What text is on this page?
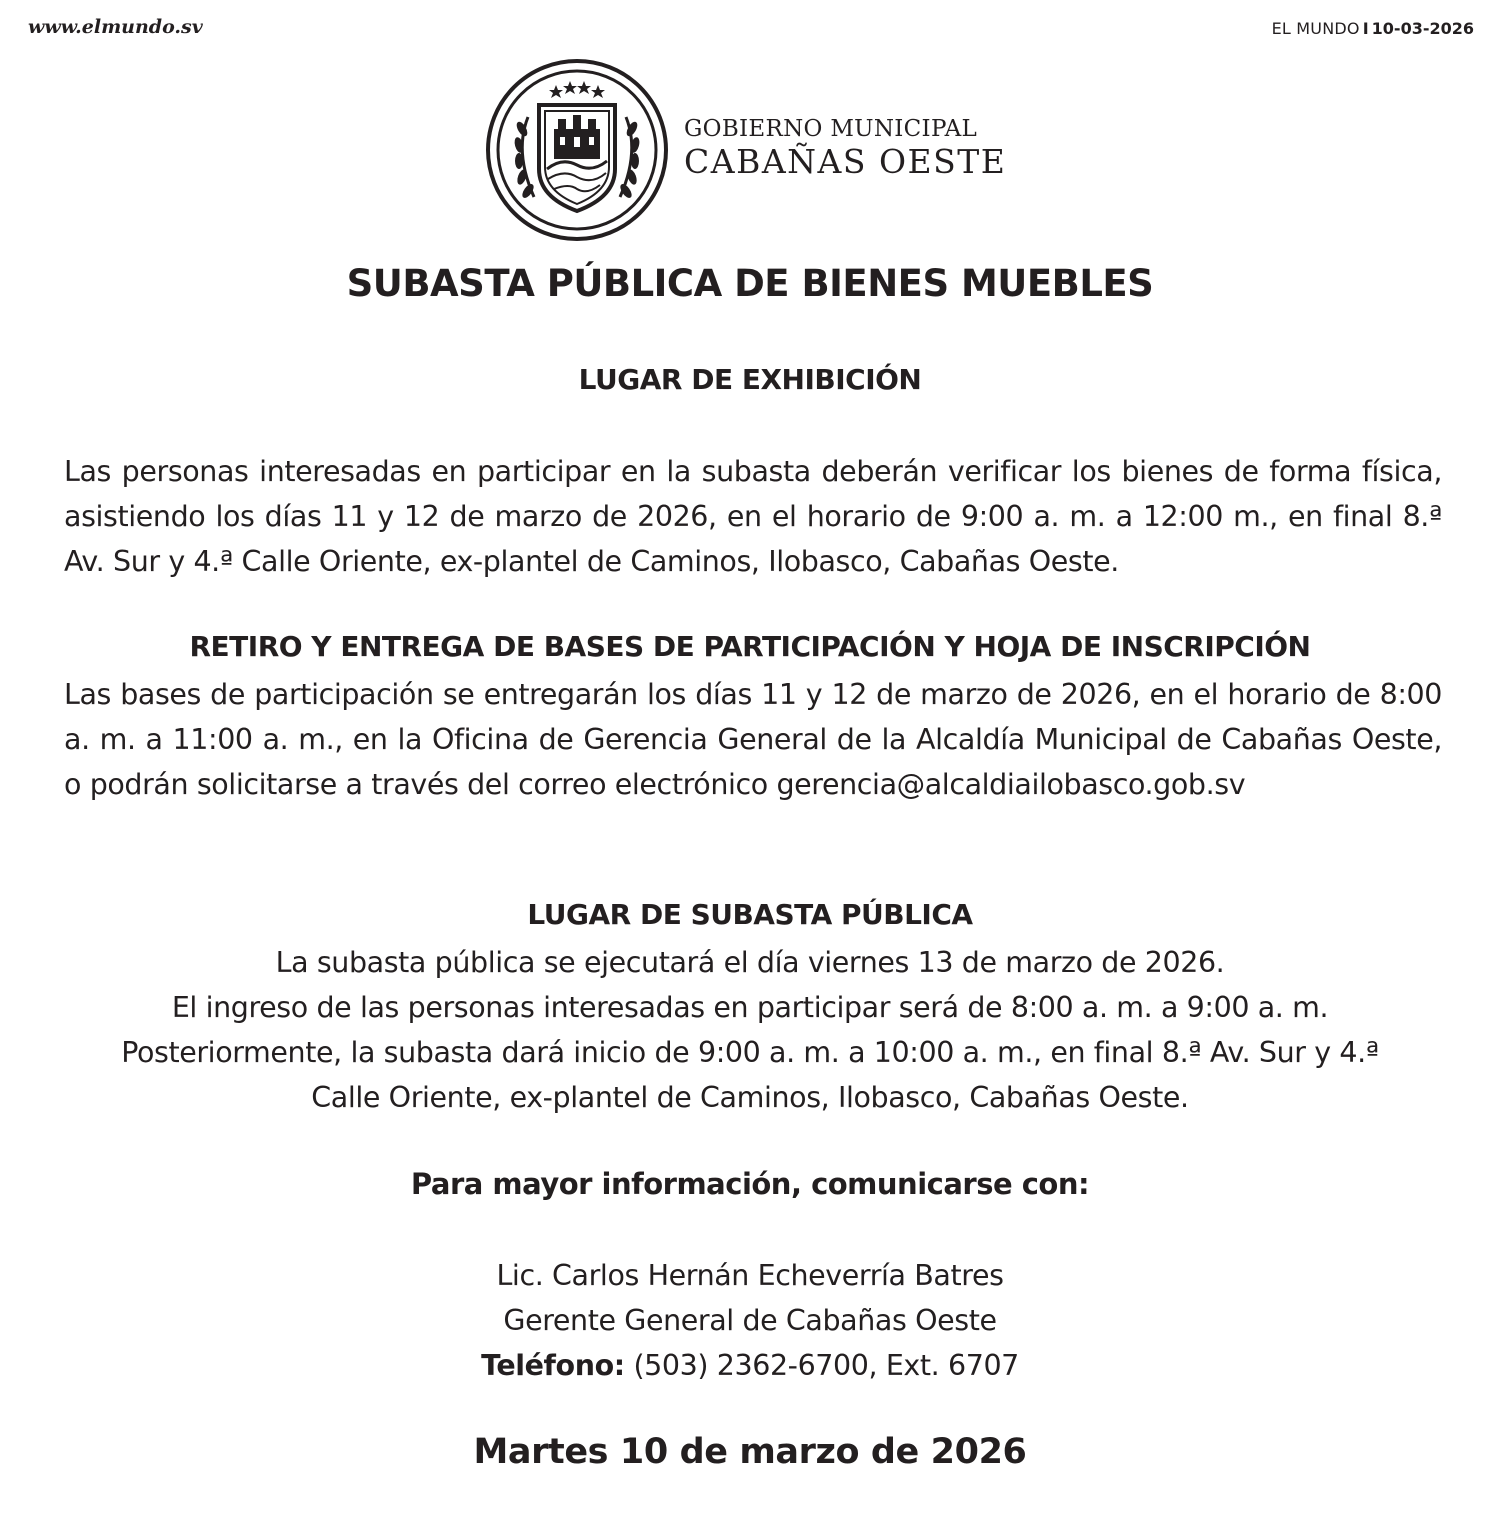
www.elmundo.sv	EL MUNDO I 10-03-2026
GOBIERNO MUNICIPAL
CABAÑAS OESTE
SUBASTA PÚBLICA DE BIENES MUEBLES
LUGAR DE EXHIBICIÓN

Las personas interesadas en participar en la subasta deberán verificar los bienes de forma física, asistiendo los días 11 y 12 de marzo de 2026, en el horario de 9:00 a. m. a 12:00 m., en final 8.ª Av. Sur y 4.ª Calle Oriente, ex-plantel de Caminos, Ilobasco, Cabañas Oeste.

RETIRO Y ENTREGA DE BASES DE PARTICIPACIÓN Y HOJA DE INSCRIPCIÓN

Las bases de participación se entregarán los días 11 y 12 de marzo de 2026, en el horario de 8:00 a. m. a 11:00 a. m., en la Oficina de Gerencia General de la Alcaldía Municipal de Cabañas Oeste, o podrán solicitarse a través del correo electrónico gerencia@alcaldiailobasco.gob.sv

LUGAR DE SUBASTA PÚBLICA
La subasta pública se ejecutará el día viernes 13 de marzo de 2026.
El ingreso de las personas interesadas en participar será de 8:00 a. m. a 9:00 a. m.
Posteriormente, la subasta dará inicio de 9:00 a. m. a 10:00 a. m., en final 8.ª Av. Sur y 4.ª
Calle Oriente, ex-plantel de Caminos, Ilobasco, Cabañas Oeste.
Para mayor información, comunicarse con:
Lic. Carlos Hernán Echeverría Batres
Gerente General de Cabañas Oeste
Teléfono: (503) 2362-6700, Ext. 6707
Martes 10 de marzo de 2026
